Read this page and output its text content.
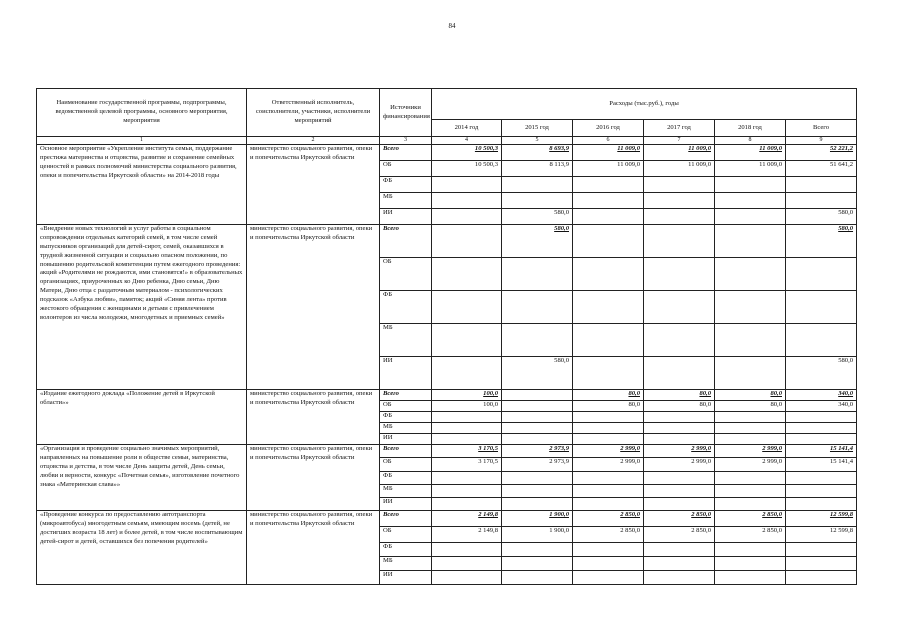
84
Наименование государственной программы, подпрограммы, ведомственной целевой программы, основного мероприятия, мероприятия	Ответственный исполнитель, соисполнители, участники, исполнители мероприятий	Источники финансирования	Расходы (тыс.руб.), годы					
			2014 год	2015 год	2016 год	2017 год	2018 год	Всего
1	2	3	4	5	6	7	8	9
Основное мероприятие «Укрепление института семьи, поддержание престижа материнства и отцовства, развитие и сохранение семейных ценностей в рамках полномочий министерства социального развития, опеки и попечительства Иркутской области» на 2014-2018 годы	министерство социального развития, опеки и попечительства Иркутской области	Всего	10 500,3	8 693,9	11 009,0	11 009,0	11 009,0	52 221,2
		ОБ	10 500,3	8 113,9	11 009,0	11 009,0	11 009,0	51 641,2
		ФБ						
		МБ						
		ИИ		580,0				580,0
«Внедрение новых технологий и услуг работы в социальном сопровождении отдельных категорий семей, в том числе семей выпускников организаций для детей-сирот, семей, оказавшихся в трудной жизненной ситуации и социально опасном положении, по повышению родительской компетенции путем ежегодного проведения: акций «Родителями не рождаются, ими становятся!» в образовательных организациях, приуроченных ко Дню ребенка, Дню семьи, Дню Матери, Дню отца с раздаточным материалом - психологических подсказок «Азбука любви», памяток; акций «Синяя лента» против жестокого обращения с женщинами и детьми с привлечением волонтеров из числа молодежи, многодетных и приемных семей»	министерство социального развития, опеки и попечительства Иркутской области	Всего		580,0				580,0
		ОБ						
		ФБ						
		МБ						
		ИИ		580,0				580,0
«Издание ежегодного доклада «Положение детей в Иркутской области»»	министерство социального развития, опеки и попечительства Иркутской области	Всего	100,0		80,0	80,0	80,0	340,0
		ОБ	100,0		80,0	80,0	80,0	340,0
		ФБ						
		МБ						
		ИИ						
«Организация и проведение социально значимых мероприятий, направленных на повышение роли в обществе семьи, материнства, отцовства и детства, в том числе День защиты детей, День семьи, любви и верности, конкурс «Почетная семья», изготовление почетного знака «Материнская слава»»	министерство социального развития, опеки и попечительства Иркутской области	Всего	3 170,5	2 973,9	2 999,0	2 999,0	2 999,0	15 141,4
		ОБ	3 170,5	2 973,9	2 999,0	2 999,0	2 999,0	15 141,4
		ФБ						
		МБ						
		ИИ						
«Проведение конкурса по предоставлению автотранспорта (микроавтобуса) многодетным семьям, имеющим восемь (детей, не достигших возраста 18 лет) и более детей, в том числе воспитывающим детей-сирот и детей, оставшихся без попечения родителей»	министерство социального развития, опеки и попечительства Иркутской области	Всего	2 149,8	1 900,0	2 850,0	2 850,0	2 850,0	12 599,8
		ОБ	2 149,8	1 900,0	2 850,0	2 850,0	2 850,0	12 599,8
		ФБ						
		МБ						
		ИИ						
